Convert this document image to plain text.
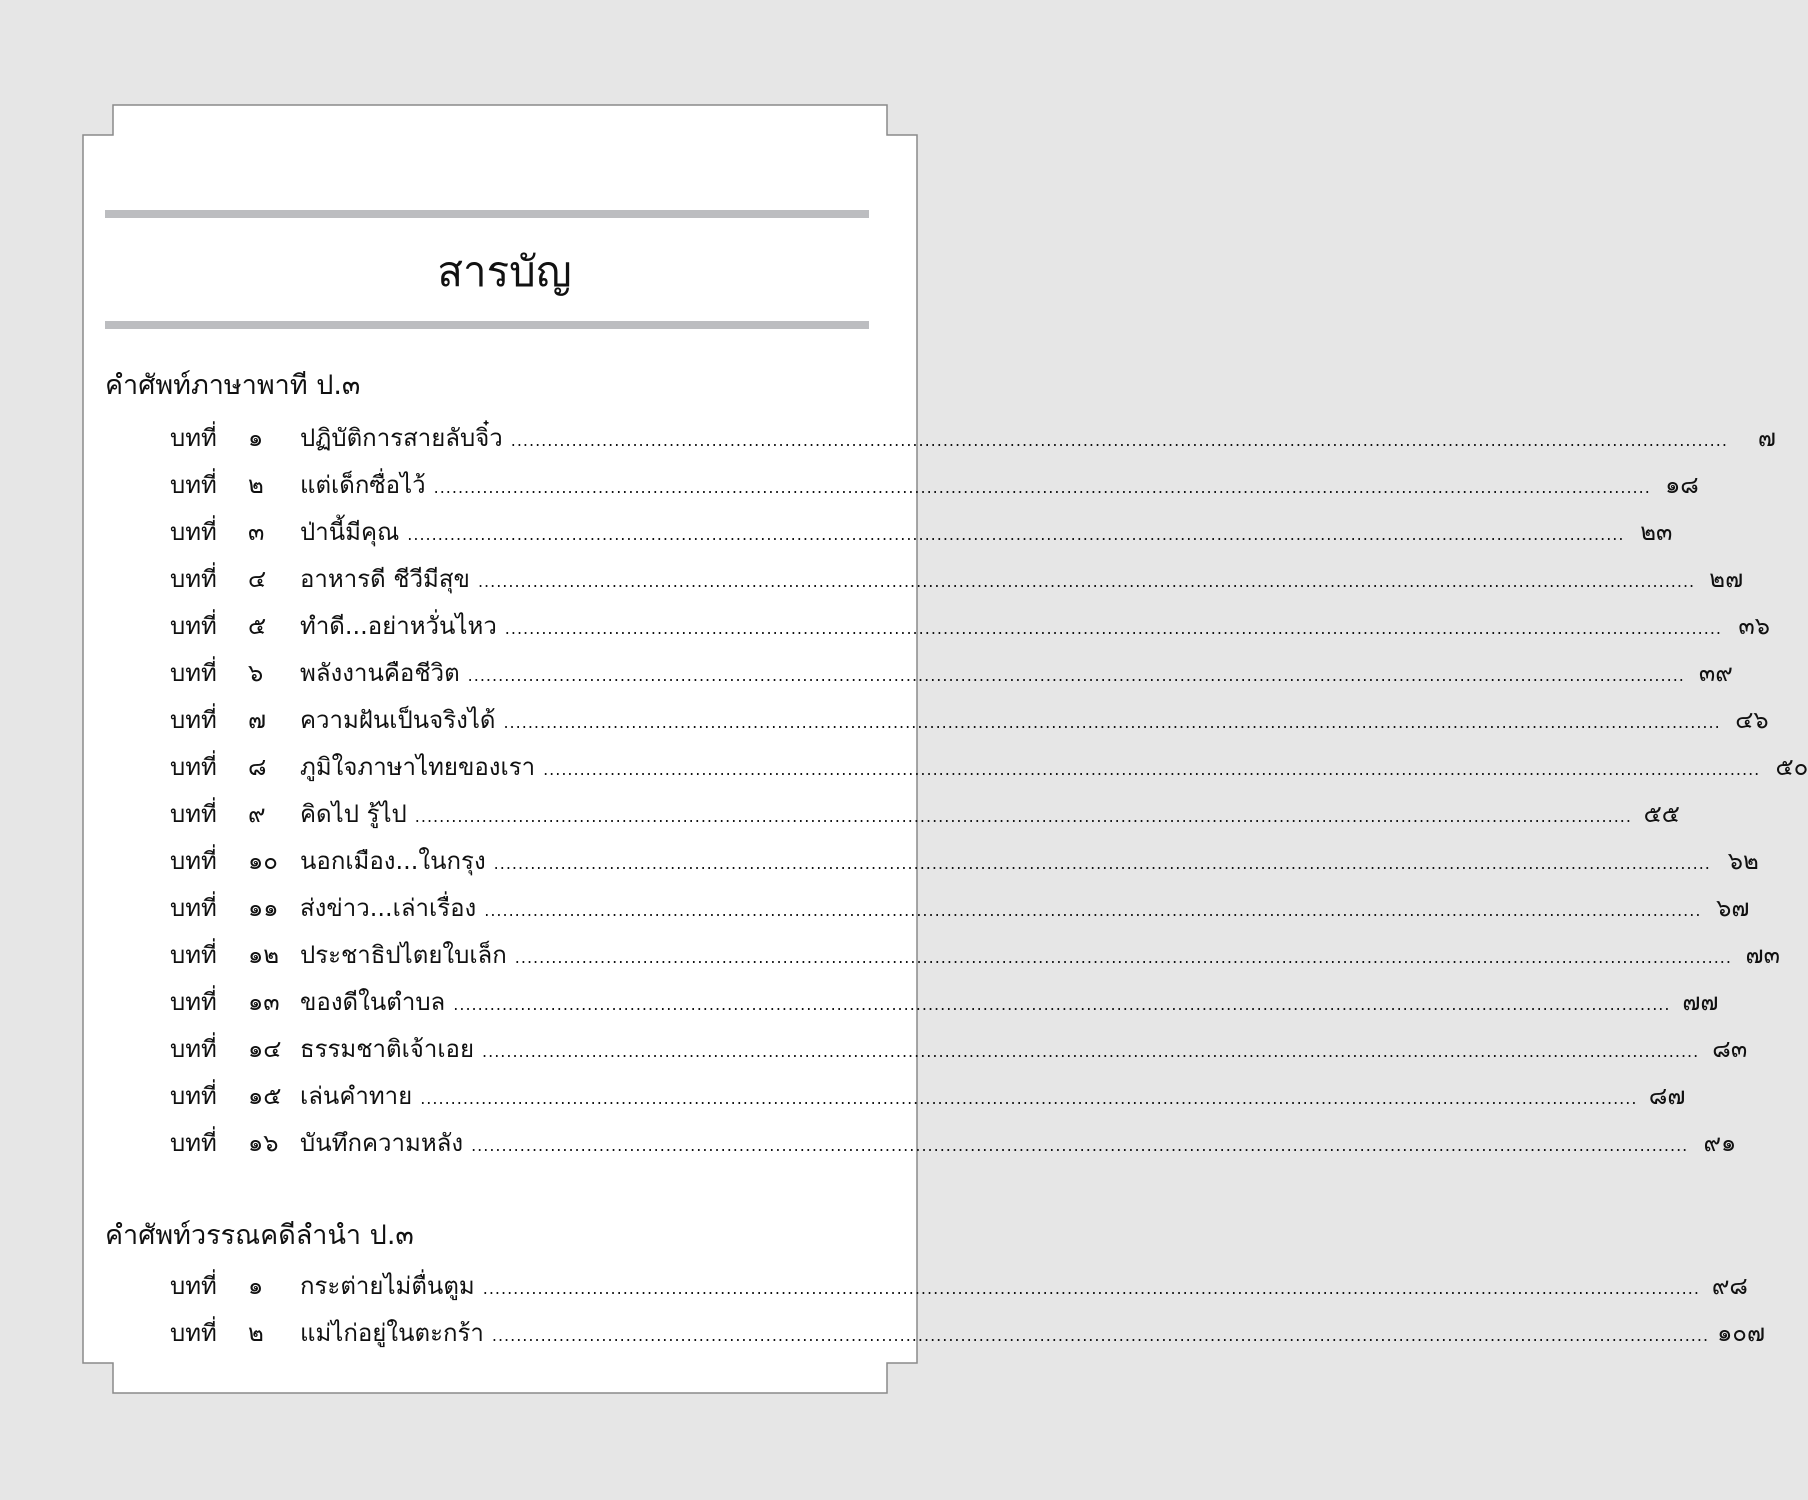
สารบัญ
คำศัพท์ภาษาพาที ป.๓
บทที่	๑	ปฏิบัติการสายลับจิ๋ว ........................................................................................................................................................................................................	๗
บทที่	๒	แต่เด็กซื่อไว้ ........................................................................................................................................................................................................ ๑๘
บทที่	๓	ป่านี้มีคุณ ........................................................................................................................................................................................................ ๒๓
บทที่	๔	อาหารดี ชีวีมีสุข ........................................................................................................................................................................................................ ๒๗
บทที่	๕	ทำดี...อย่าหวั่นไหว ........................................................................................................................................................................................................ ๓๖
บทที่	๖	พลังงานคือชีวิต ........................................................................................................................................................................................................ ๓๙
บทที่	๗	ความฝันเป็นจริงได้ ........................................................................................................................................................................................................ ๔๖
บทที่	๘	ภูมิใจภาษาไทยของเรา ........................................................................................................................................................................................................ ๕๐
บทที่	๙	คิดไป รู้ไป ........................................................................................................................................................................................................ ๕๕
บทที่	๑๐ นอกเมือง...ในกรุง ........................................................................................................................................................................................................ ๖๒
บทที่	๑๑ ส่งข่าว...เล่าเรื่อง ........................................................................................................................................................................................................ ๖๗
บทที่	๑๒ ประชาธิปไตยใบเล็ก ........................................................................................................................................................................................................ ๗๓
บทที่	๑๓ ของดีในตำบล ........................................................................................................................................................................................................ ๗๗
บทที่	๑๔ ธรรมชาติเจ้าเอย ........................................................................................................................................................................................................ ๘๓
บทที่	๑๕ เล่นคำทาย ........................................................................................................................................................................................................ ๘๗
บทที่	๑๖ บันทึกความหลัง ........................................................................................................................................................................................................ ๙๑
คำศัพท์วรรณคดีลำนำ ป.๓
บทที่	๑	กระต่ายไม่ตื่นตูม ........................................................................................................................................................................................................ ๙๘
บทที่	๒	แม่ไก่อยู่ในตะกร้า ........................................................................................................................................................................................................ ๑๐๗
